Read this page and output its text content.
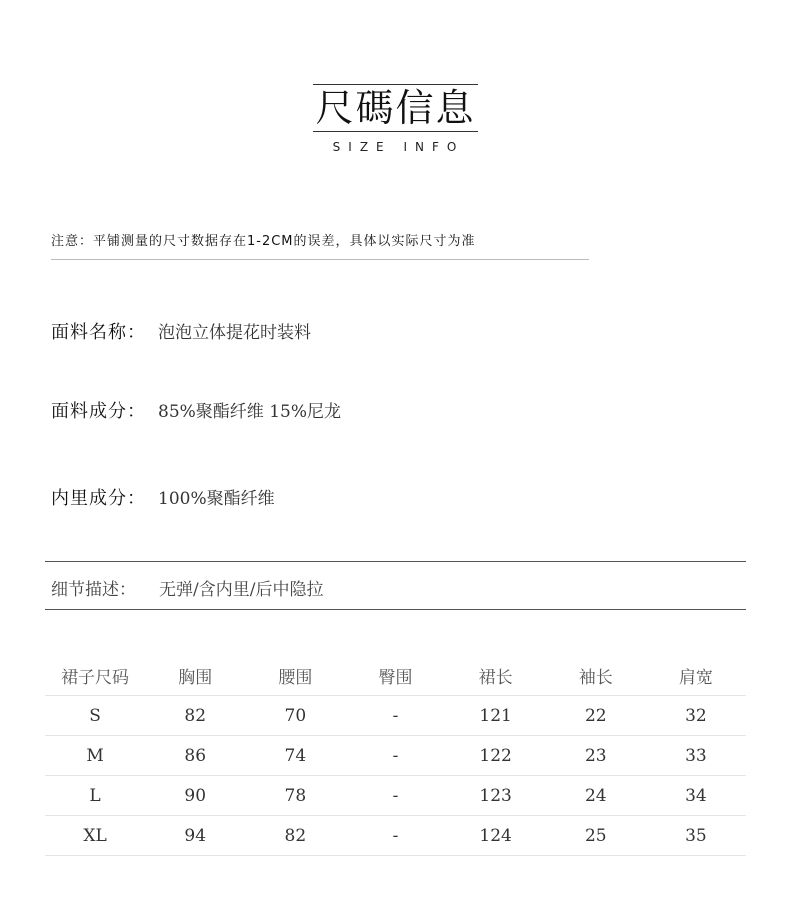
尺碼信息
SIZE INFO
注意：平铺测量的尺寸数据存在1-2CM的误差，具体以实际尺寸为准
面料名称： 泡泡立体提花时装料
面料成分： 85%聚酯纤维 15%尼龙
内里成分： 100%聚酯纤维
细节描述： 无弹/含内里/后中隐拉
裙子尺码	胸围	腰围	臀围	裙长	袖长	肩宽
S	82	70	-	121	22	32
M	86	74	-	122	23	33
L	90	78	-	123	24	34
XL	94	82	-	124	25	35
